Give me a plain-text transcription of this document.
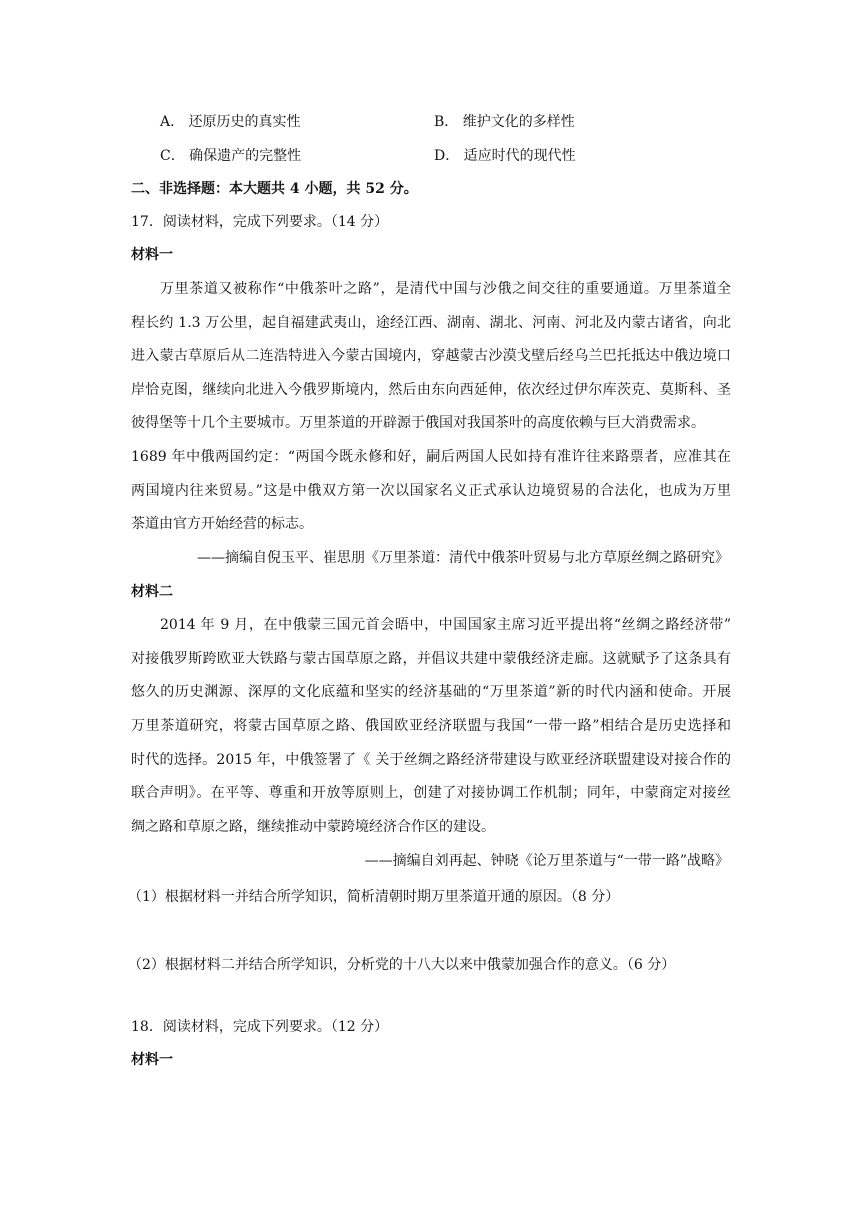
A． 还原历史的真实性	B． 维护文化的多样性
C． 确保遗产的完整性	D． 适应时代的现代性
二、非选择题：本大题共 4 小题，共 52 分。
17．阅读材料，完成下列要求。（14 分）
材料一
万里茶道又被称作“中俄茶叶之路”，是清代中国与沙俄之间交往的重要通道。万里茶道全
程长约 1.3 万公里，起自福建武夷山，途经江西、湖南、湖北、河南、河北及内蒙古诸省，向北
进入蒙古草原后从二连浩特进入今蒙古国境内，穿越蒙古沙漠戈壁后经乌兰巴托抵达中俄边境口
岸恰克图，继续向北进入今俄罗斯境内，然后由东向西延伸，依次经过伊尔库茨克、莫斯科、圣
彼得堡等十几个主要城市。万里茶道的开辟源于俄国对我国茶叶的高度依赖与巨大消费需求。
1689 年中俄两国约定：“两国今既永修和好，嗣后两国人民如持有准许往来路票者，应准其在
两国境内往来贸易。”这是中俄双方第一次以国家名义正式承认边境贸易的合法化，也成为万里
茶道由官方开始经营的标志。
——摘编自倪玉平、崔思朋《万里茶道：清代中俄茶叶贸易与北方草原丝绸之路研究》
材料二
2014 年 9 月，在中俄蒙三国元首会晤中，中国国家主席习近平提出将“丝绸之路经济带”
对接俄罗斯跨欧亚大铁路与蒙古国草原之路，并倡议共建中蒙俄经济走廊。这就赋予了这条具有
悠久的历史渊源、深厚的文化底蕴和坚实的经济基础的“万里茶道”新的时代内涵和使命。开展
万里茶道研究，将蒙古国草原之路、俄国欧亚经济联盟与我国“一带一路”相结合是历史选择和
时代的选择。2015 年，中俄签署了《 关于丝绸之路经济带建设与欧亚经济联盟建设对接合作的
联合声明》。在平等、尊重和开放等原则上，创建了对接协调工作机制；同年，中蒙商定对接丝
绸之路和草原之路，继续推动中蒙跨境经济合作区的建设。
——摘编自刘再起、钟晓《论万里茶道与“一带一路”战略》
（1）根据材料一并结合所学知识，简析清朝时期万里茶道开通的原因。（8 分）
（2）根据材料二并结合所学知识，分析党的十八大以来中俄蒙加强合作的意义。（6 分）
18．阅读材料，完成下列要求。（12 分）
材料一
